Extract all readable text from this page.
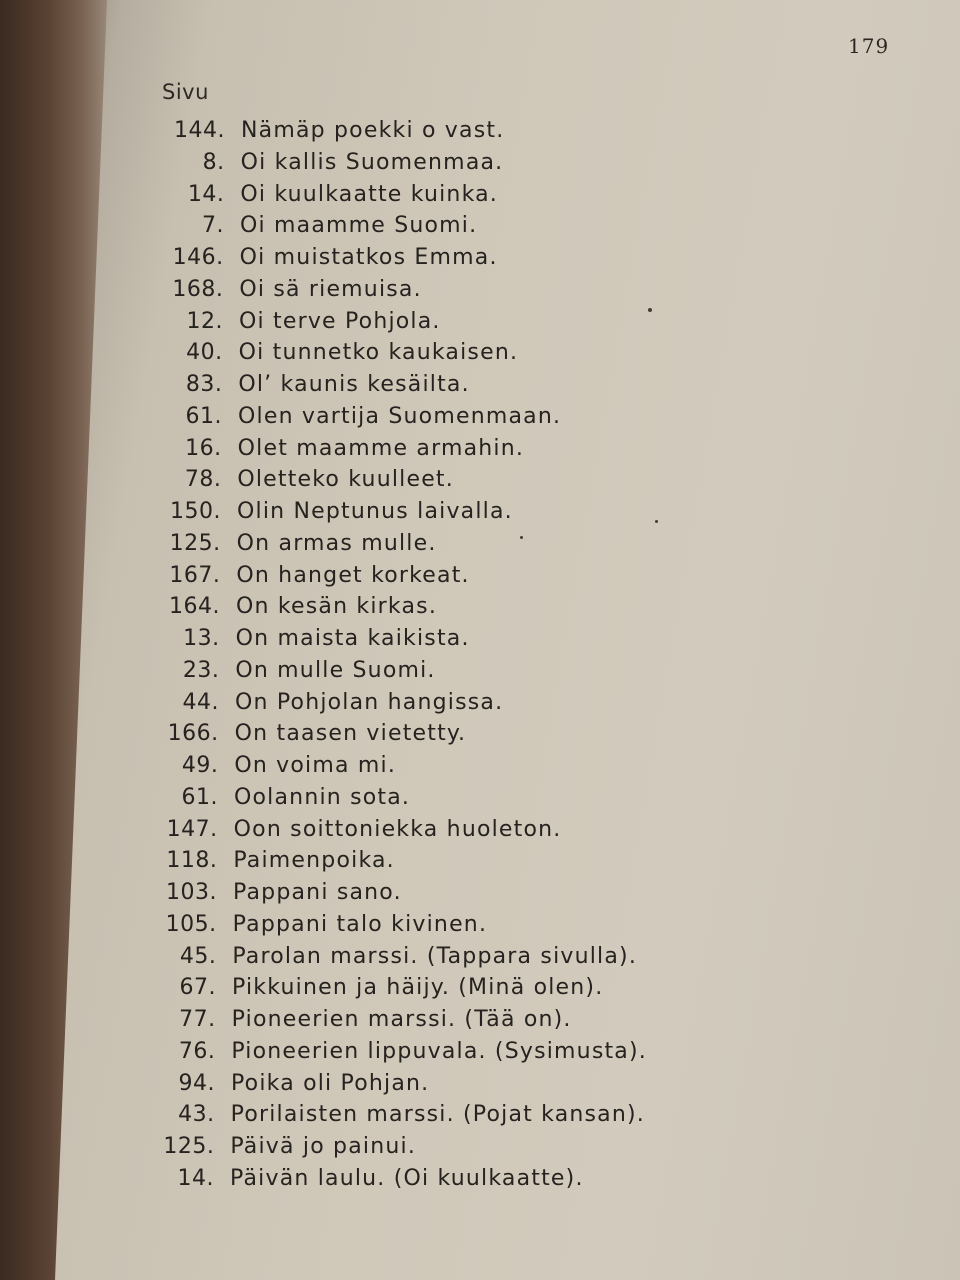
179
Sivu
144. Nämäp poekki o vast.
8. Oi kallis Suomenmaa.
14. Oi kuulkaatte kuinka.
7. Oi maamme Suomi.
146. Oi muistatkos Emma.
168. Oi sä riemuisa.
12. Oi terve Pohjola.
40. Oi tunnetko kaukaisen.
83. Ol’ kaunis kesäilta.
61. Olen vartija Suomenmaan.
16. Olet maamme armahin.
78. Oletteko kuulleet.
150. Olin Neptunus laivalla.
125. On armas mulle.
167. On hanget korkeat.
164. On kesän kirkas.
13. On maista kaikista.
23. On mulle Suomi.
44. On Pohjolan hangissa.
166. On taasen vietetty.
49. On voima mi.
61. Oolannin sota.
147. Oon soittoniekka huoleton.
118. Paimenpoika.
103. Pappani sano.
105. Pappani talo kivinen.
45. Parolan marssi. (Tappara sivulla).
67. Pikkuinen ja häijy. (Minä olen).
77. Pioneerien marssi. (Tää on).
76. Pioneerien lippuvala. (Sysimusta).
94. Poika oli Pohjan.
43. Porilaisten marssi. (Pojat kansan).
125. Päivä jo painui.
14. Päivän laulu. (Oi kuulkaatte).
